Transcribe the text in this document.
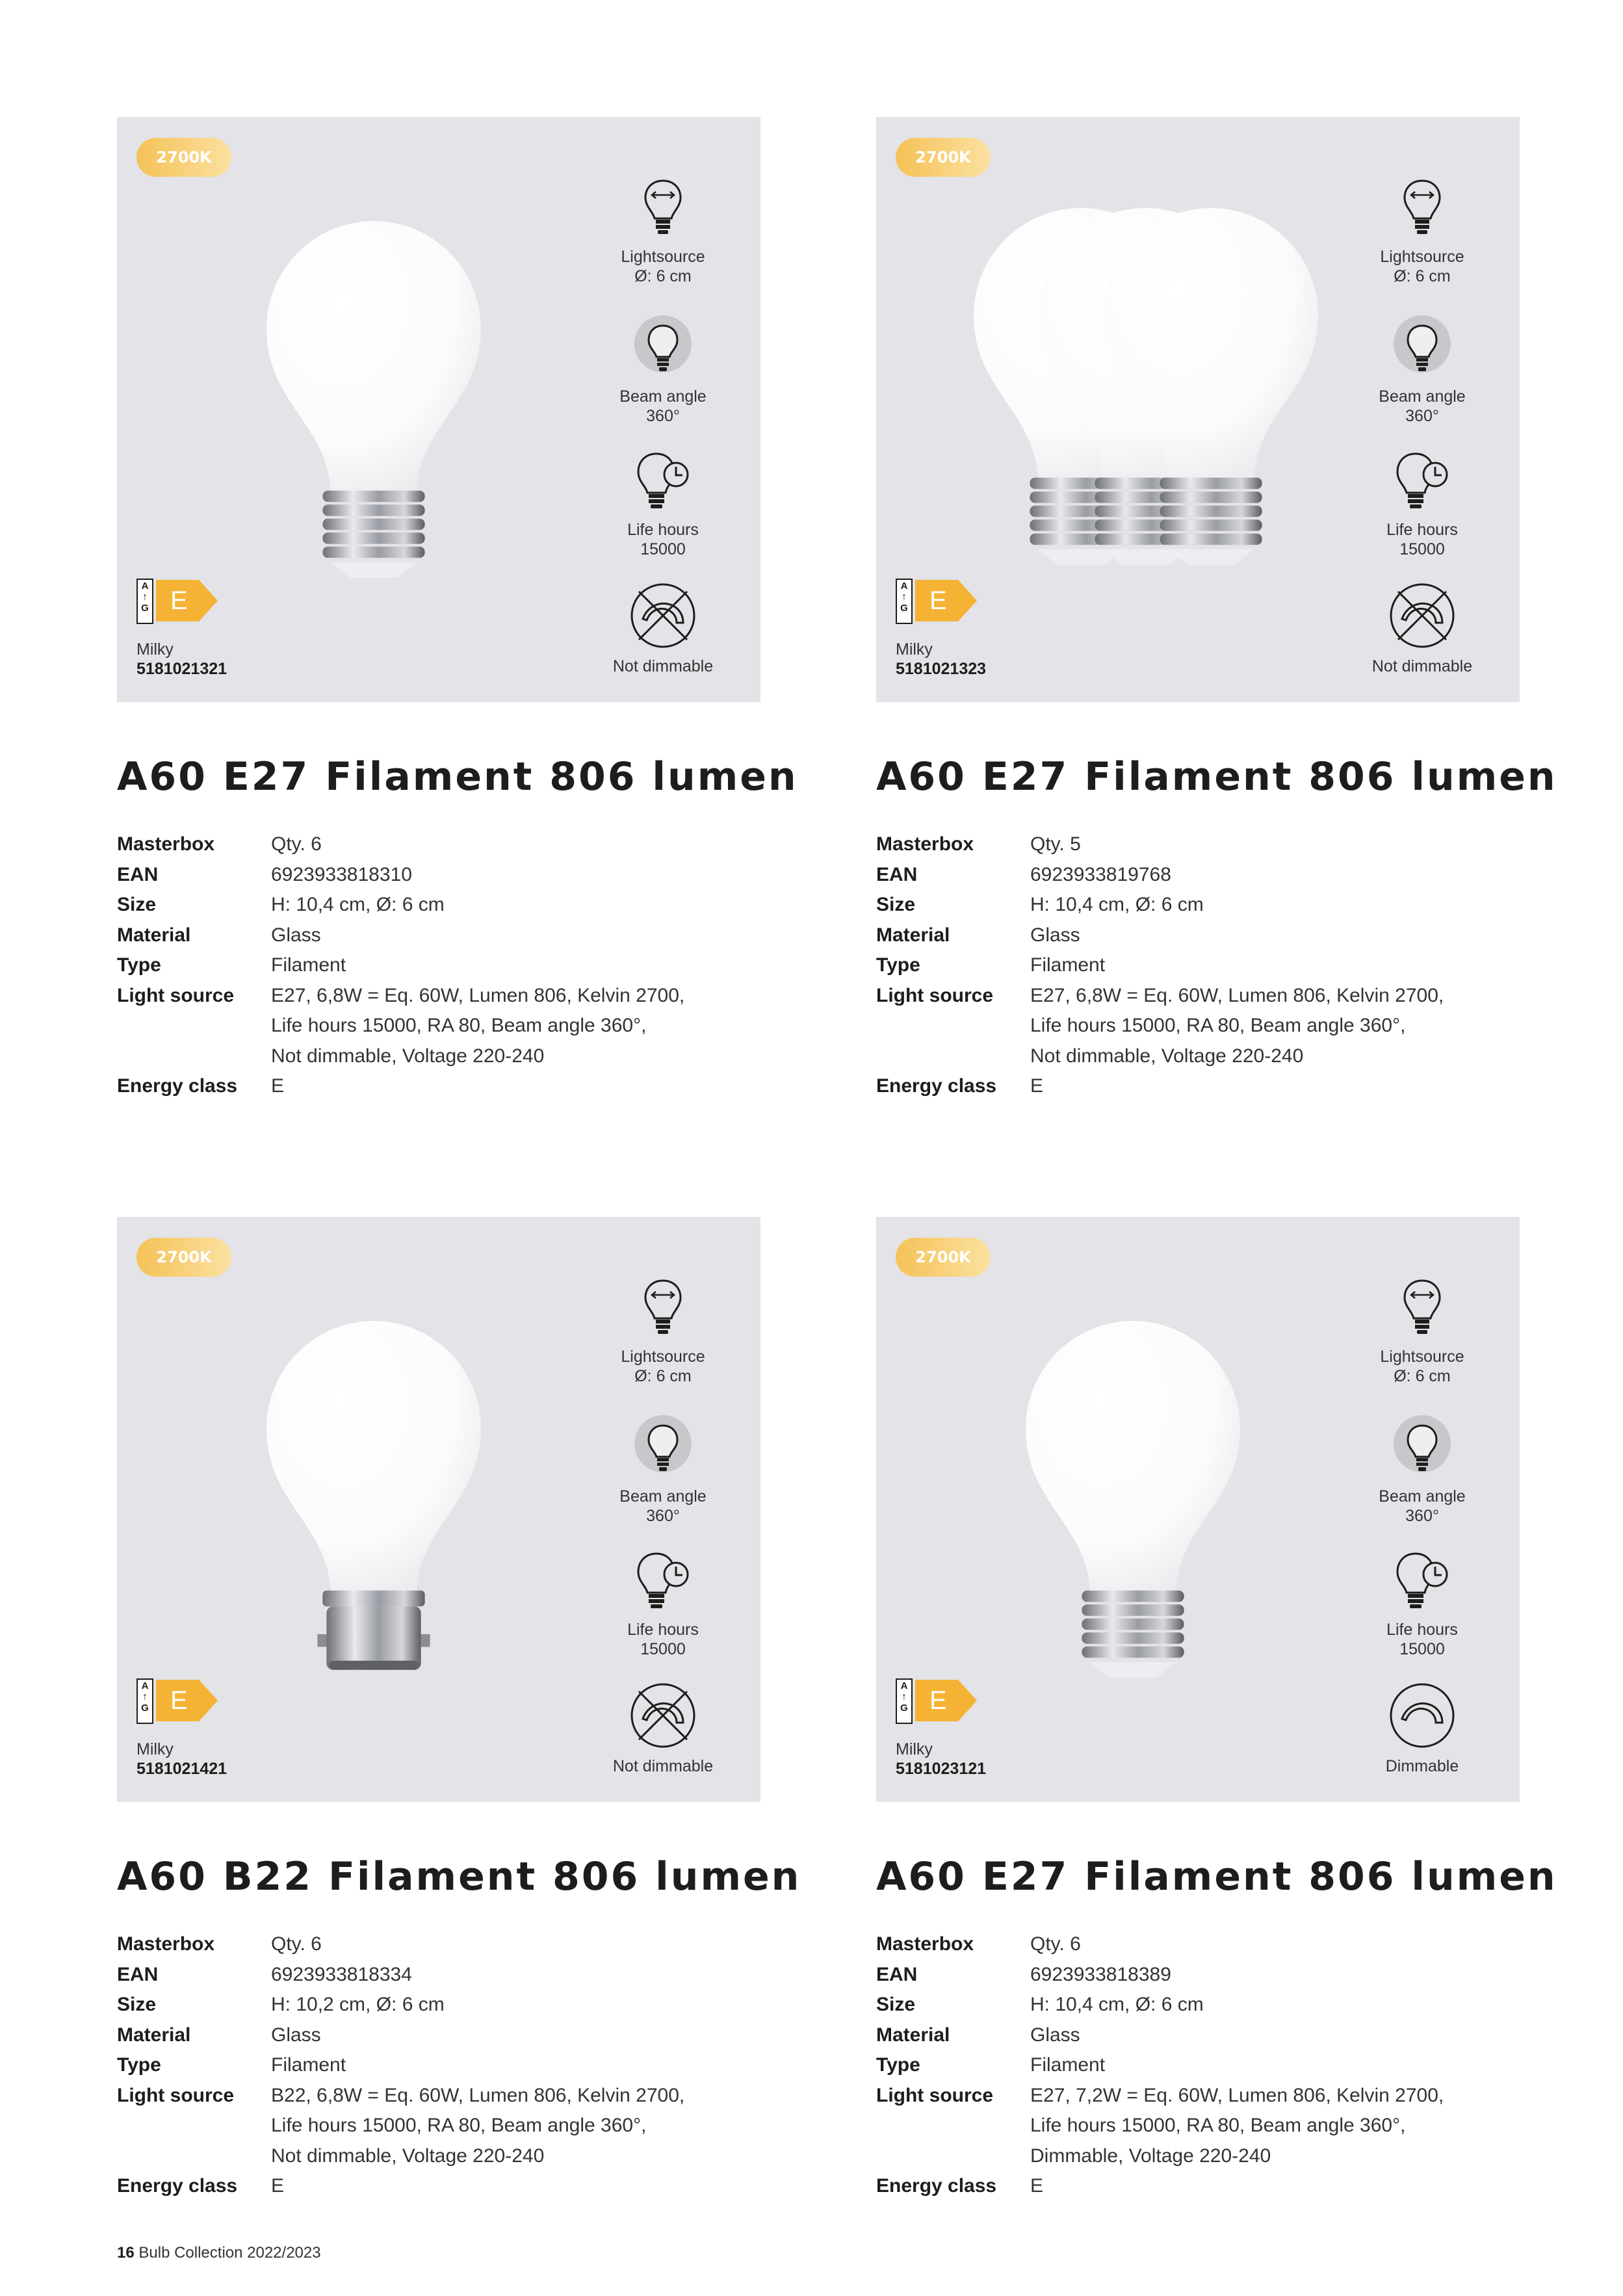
2700K
Lightsource
Ø: 6 cm
Beam angle
360°
Life hours
15000
Not dimmable
A
↑
G E
Milky
5181021321
A60 E27 Filament 806 lumen
Masterbox	Qty. 6
EAN	6923933818310
Size	H: 10,4 cm, Ø: 6 cm
Material	Glass
Type	Filament
Light source	E27, 6,8W = Eq. 60W, Lumen 806, Kelvin 2700,
Life hours 15000, RA 80, Beam angle 360°,
Not dimmable, Voltage 220-240
Energy class	E
2700K
Lightsource
Ø: 6 cm
Beam angle
360°
Life hours
15000
Not dimmable
A
↑
G E
Milky
5181021323
A60 E27 Filament 806 lumen
Masterbox	Qty. 5
EAN	6923933819768
Size	H: 10,4 cm, Ø: 6 cm
Material	Glass
Type	Filament
Light source	E27, 6,8W = Eq. 60W, Lumen 806, Kelvin 2700,
Life hours 15000, RA 80, Beam angle 360°,
Not dimmable, Voltage 220-240
Energy class	E
2700K
Lightsource
Ø: 6 cm
Beam angle
360°
Life hours
15000
Not dimmable
A
↑
G E
Milky
5181021421
A60 B22 Filament 806 lumen
Masterbox	Qty. 6
EAN	6923933818334
Size	H: 10,2 cm, Ø: 6 cm
Material	Glass
Type	Filament
Light source	B22, 6,8W = Eq. 60W, Lumen 806, Kelvin 2700,
Life hours 15000, RA 80, Beam angle 360°,
Not dimmable, Voltage 220-240
Energy class	E
2700K
Lightsource
Ø: 6 cm
Beam angle
360°
Life hours
15000
Dimmable
A
↑
G E
Milky
5181023121
A60 E27 Filament 806 lumen
Masterbox	Qty. 6
EAN	6923933818389
Size	H: 10,4 cm, Ø: 6 cm
Material	Glass
Type	Filament
Light source	E27, 7,2W = Eq. 60W, Lumen 806, Kelvin 2700,
Life hours 15000, RA 80, Beam angle 360°,
Dimmable, Voltage 220-240
Energy class	E
16 Bulb Collection 2022/2023
